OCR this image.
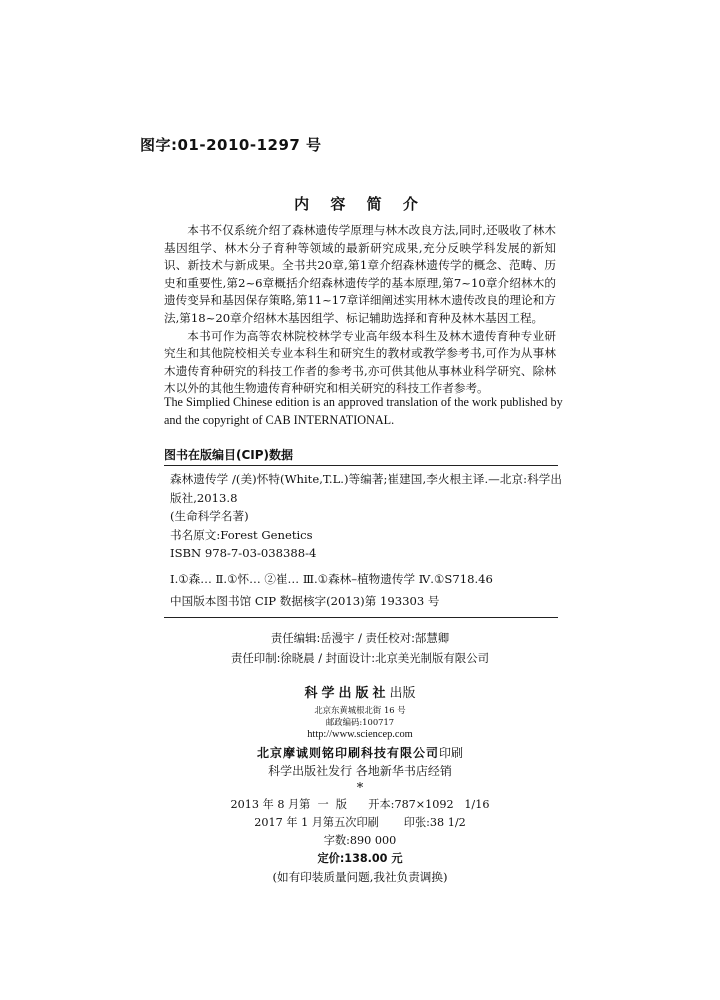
图字:01-2010-1297 号
内 容 简 介

本书不仅系统介绍了森林遗传学原理与林木改良方法,同时,还吸收了林木基因组学、林木分子育种等领域的最新研究成果,充分反映学科发展的新知识、新技术与新成果。全书共20章,第1章介绍森林遗传学的概念、范畴、历史和重要性,第2~6章概括介绍森林遗传学的基本原理,第7~10章介绍林木的遗传变异和基因保存策略,第11~17章详细阐述实用林木遗传改良的理论和方法,第18~20章介绍林木基因组学、标记辅助选择和育种及林木基因工程。

本书可作为高等农林院校林学专业高年级本科生及林木遗传育种专业研究生和其他院校相关专业本科生和研究生的教材或教学参考书,可作为从事林木遗传育种研究的科技工作者的参考书,亦可供其他从事林业科学研究、除林木以外的其他生物遗传育种研究和相关研究的科技工作者参考。

The Simplied Chinese edition is an approved translation of the work published by and the copyright of CAB INTERNATIONAL.

图书在版编目(CIP)数据
森林遗传学 /(美)怀特(White,T.L.)等编著;崔建国,李火根主译.—北京:科学出版社,2013.8
(生命科学名著)
书名原文:Forest Genetics
ISBN 978-7-03-038388-4
Ⅰ.①森… Ⅱ.①怀… ②崔… Ⅲ.①森林–植物遗传学 Ⅳ.①S718.46
中国版本图书馆 CIP 数据核字(2013)第 193303 号
责任编辑:岳漫宇 / 责任校对:郜慧卿
责任印制:徐晓晨 / 封面设计:北京美光制版有限公司
科学出版社出版
北京东黄城根北街 16 号
邮政编码:100717
http://www.sciencep.com
北京摩诚则铭印刷科技有限公司印刷
科学出版社发行 各地新华书店经销
*
2013 年 8 月第  一  版      开本:787×1092   1/16
2017 年 1 月第五次印刷       印张:38 1/2
字数:890 000
定价:138.00 元
(如有印装质量问题,我社负责调换)
